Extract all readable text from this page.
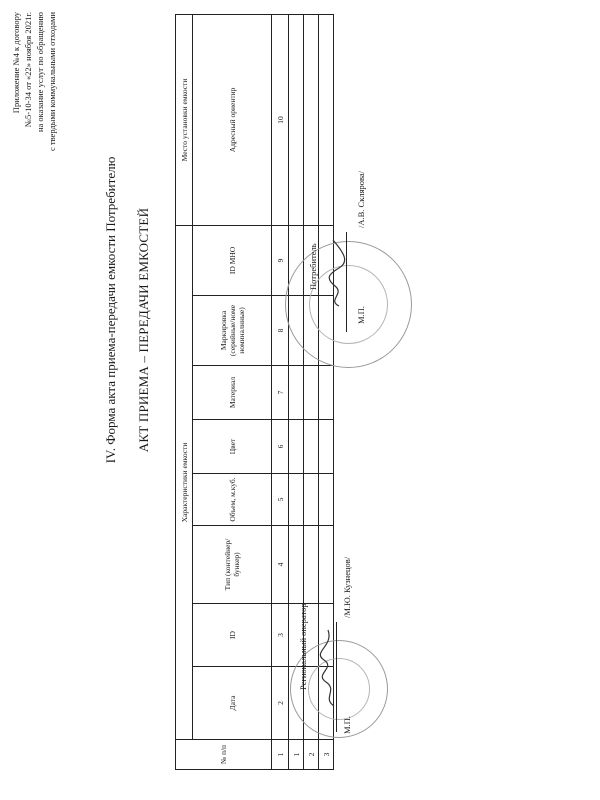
Приложение №4 к договору №5-10-34 от «22» ноября 2021г. на оказание услуг по обращению с твердыми коммунальными отходами
IV. Форма акта приема-передачи емкости Потребителю АКТ ПРИЕМА – ПЕРЕДАЧИ ЕМКОСТЕЙ
№ п/п	Характеристики емкости								Место установки емкости
	Дата	ID	Тип (контейнер/ бункер)	Объем, м.куб.	Цвет	Материал	Маркировка (серийные/номе номиналнные)	ID МНО	Адресный ориентир
1	2	3	4	5	6	7	8	9	10
1									
2									
3									
Региональный оператор
М.П.
/М.Ю. Кузнецов/
Потребитель
М.П.
/А.В. Склярова/
